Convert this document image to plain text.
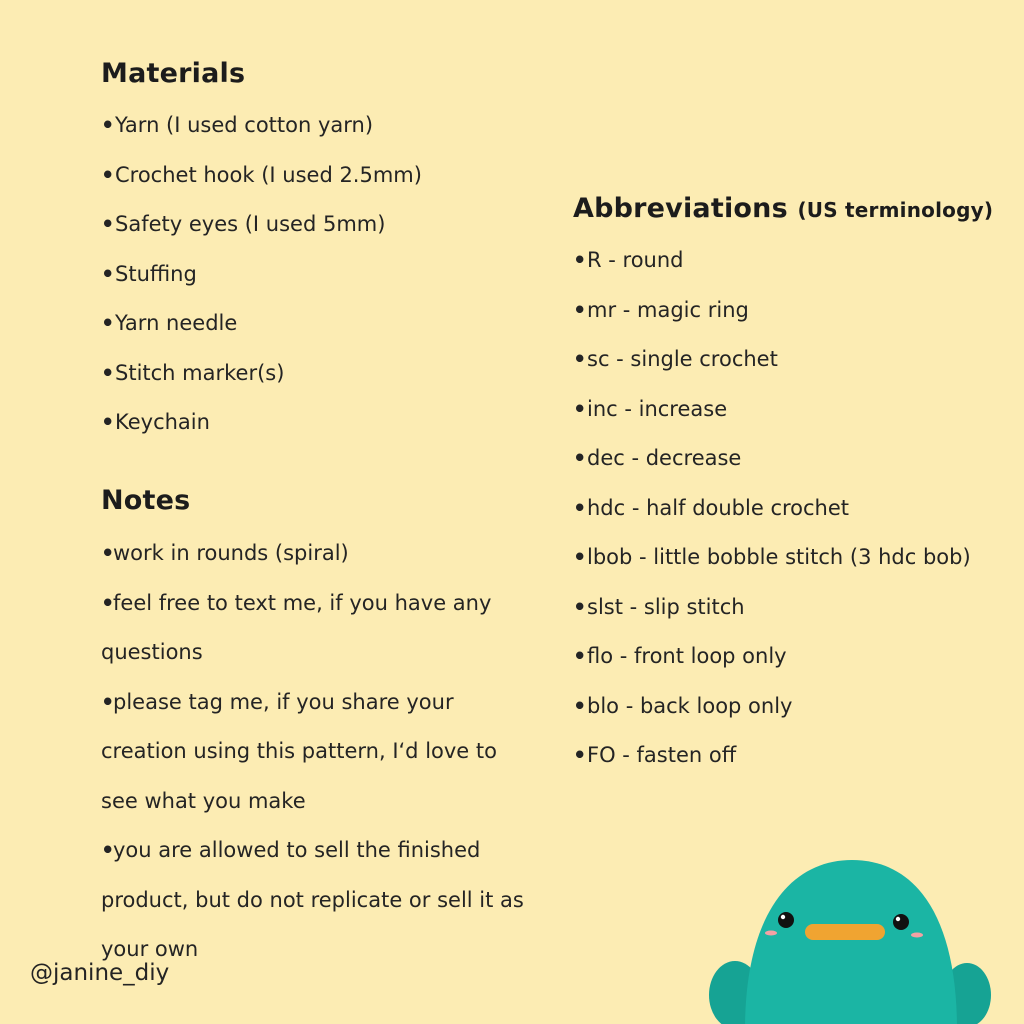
Materials
•Yarn (I used cotton yarn)
•Crochet hook (I used 2.5mm)
•Safety eyes (I used 5mm)
•Stuffing
•Yarn needle
•Stitch marker(s)
•Keychain
Notes
•work in rounds (spiral)
•feel free to text me, if you have any questions
•please tag me, if you share your creation using this pattern, I‘d love to see what you make
•you are allowed to sell the finished product, but do not replicate or sell it as your own
Abbreviations (US terminology)
•R - round
•mr - magic ring
•sc - single crochet
•inc - increase
•dec - decrease
•hdc - half double crochet
•lbob - little bobble stitch (3 hdc bob)
•slst - slip stitch
•flo - front loop only
•blo - back loop only
•FO - fasten off
@janine_diy
